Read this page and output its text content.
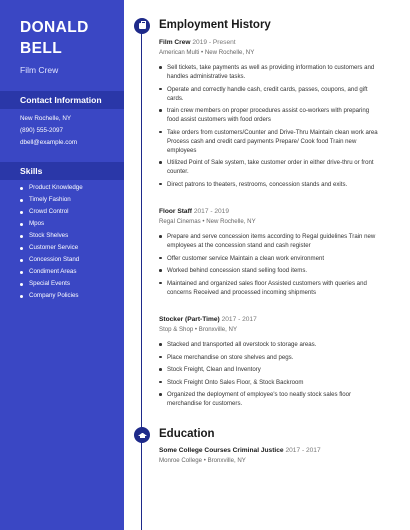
DONALD
BELL
Film Crew
Contact Information
New Rochelle, NY
(890) 555-2097
dbell@example.com
Skills
Product Knowledge
Timely Fashion
Crowd Control
Mpos
Stock Shelves
Customer Service
Concession Stand
Condiment Areas
Special Events
Company Policies
Employment History
Film Crew 2019 - Present
American Multi • New Rochelle, NY
Sell tickets, take payments as well as providing information to customers and handles administrative tasks.
Operate and correctly handle cash, credit cards, passes, coupons, and gift cards.
train crew members on proper procedures assist co-workers with preparing food assist customers with food orders
Take orders from customers/Counter and Drive-Thru Maintain clean work area Process cash and credit card payments Prepare/ Cook food Train new employees
Utilized Point of Sale system, take customer order in either drive-thru or front counter.
Direct patrons to theaters, restrooms, concession stands and exits.
Floor Staff 2017 - 2019
Regal Cinemas • New Rochelle, NY
Prepare and serve concession items according to Regal guidelines Train new employees at the concession stand and cash register
Offer customer service Maintain a clean work environment
Worked behind concession stand selling food items.
Maintained and organized sales floor Assisted customers with queries and concerns Received and processed incoming shipments
Stocker (Part-Time) 2017 - 2017
Stop & Shop • Bronxville, NY
Stacked and transported all overstock to storage areas.
Place merchandise on store shelves and pegs.
Stock Freight, Clean and Inventory
Stock Freight Onto Sales Floor, & Stock Backroom
Organized the deployment of employee's too neatly stock sales floor merchandise for customers.
Education
Some College Courses Criminal Justice 2017 - 2017
Monroe College • Bronxville, NY
